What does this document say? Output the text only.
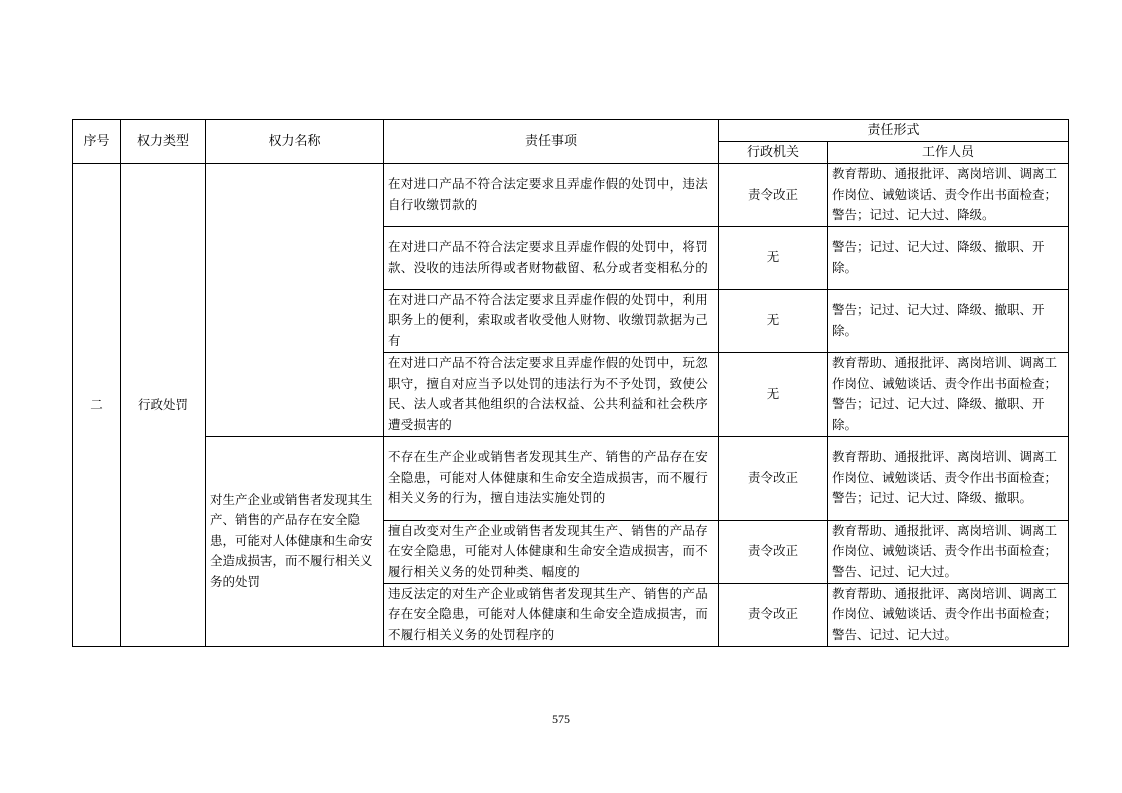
序号	权力类型	权力名称	责任事项	责任形式	
				行政机关	工作人员
二	行政处罚		在对进口产品不符合法定要求且弄虚作假的处罚中，违法自行收缴罚款的	责令改正	教育帮助、通报批评、离岗培训、调离工作岗位、诫勉谈话、责令作出书面检查；警告；记过、记大过、降级。
			在对进口产品不符合法定要求且弄虚作假的处罚中，将罚款、没收的违法所得或者财物截留、私分或者变相私分的	无	警告；记过、记大过、降级、撤职、开除。
			在对进口产品不符合法定要求且弄虚作假的处罚中，利用职务上的便利，索取或者收受他人财物、收缴罚款据为己有	无	警告；记过、记大过、降级、撤职、开除。
			在对进口产品不符合法定要求且弄虚作假的处罚中，玩忽职守，擅自对应当予以处罚的违法行为不予处罚，致使公民、法人或者其他组织的合法权益、公共利益和社会秩序遭受损害的	无	教育帮助、通报批评、离岗培训、调离工作岗位、诫勉谈话、责令作出书面检查；警告；记过、记大过、降级、撤职、开除。
		对生产企业或销售者发现其生产、销售的产品存在安全隐患，可能对人体健康和生命安全造成损害，而不履行相关义务的处罚	不存在生产企业或销售者发现其生产、销售的产品存在安全隐患，可能对人体健康和生命安全造成损害，而不履行相关义务的行为，擅自违法实施处罚的	责令改正	教育帮助、通报批评、离岗培训、调离工作岗位、诫勉谈话、责令作出书面检查；警告；记过、记大过、降级、撤职。
			擅自改变对生产企业或销售者发现其生产、销售的产品存在安全隐患，可能对人体健康和生命安全造成损害，而不履行相关义务的处罚种类、幅度的	责令改正	教育帮助、通报批评、离岗培训、调离工作岗位、诫勉谈话、责令作出书面检查；警告、记过、记大过。
			违反法定的对生产企业或销售者发现其生产、销售的产品存在安全隐患，可能对人体健康和生命安全造成损害，而不履行相关义务的处罚程序的	责令改正	教育帮助、通报批评、离岗培训、调离工作岗位、诫勉谈话、责令作出书面检查；警告、记过、记大过。
575
